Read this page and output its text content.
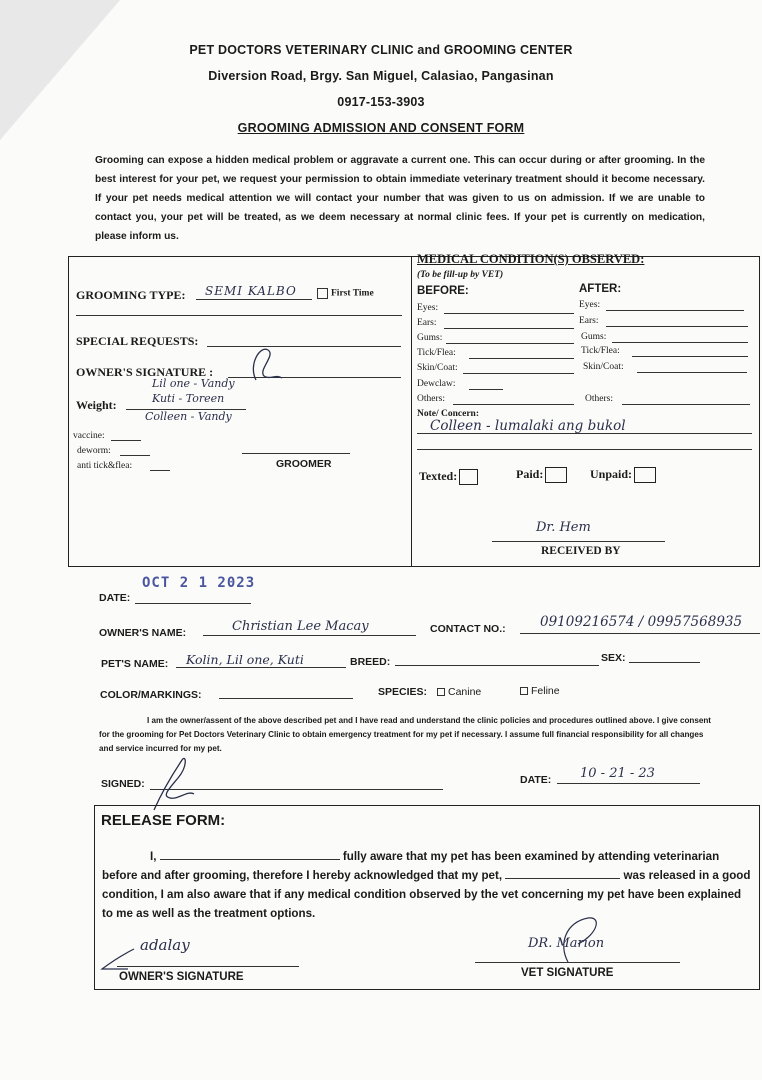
PET DOCTORS VETERINARY CLINIC and GROOMING CENTER
Diversion Road, Brgy. San Miguel, Calasiao, Pangasinan
0917-153-3903
GROOMING ADMISSION AND CONSENT FORM
Grooming can expose a hidden medical problem or aggravate a current one. This can occur during or after grooming. In the best interest for your pet, we request your permission to obtain immediate veterinary treatment should it become necessary. If your pet needs medical attention we will contact your number that was given to us on admission. If we are unable to contact you, your pet will be treated, as we deem necessary at normal clinic fees. If your pet is currently on medication, please inform us.
GROOMING TYPE: SEMI KALBO	First Time
SPECIAL REQUESTS:
OWNER'S SIGNATURE :
Weight:
Lil one - Vandy
Kuti - Toreen
Colleen - Vandy
vaccine:
deworm:
anti tick&flea:	GROOMER
MEDICAL CONDITION(S) OBSERVED:
(To be fill-up by VET)
BEFORE:	AFTER:
Eyes:
Ears:
Gums:
Tick/Flea:
Skin/Coat:
Dewclaw:
Others:
Eyes:
Ears:
Gums:
Tick/Flea:
Skin/Coat:
Others:
Note/ Concern:
Colleen - lumalaki ang bukol
Texted:	Paid:	Unpaid:
Dr. Hem
RECEIVED BY
OCT 2 1 2023
DATE:
OWNER'S NAME:	Christian Lee Macay	CONTACT NO.:	09109216574 / 09957568935
PET'S NAME: Kolin, Lil one, Kuti	BREED:	SEX:
COLOR/MARKINGS:	SPECIES:	Canine	Feline
I am the owner/assent of the above described pet and I have read and understand the clinic policies and procedures outlined above. I give consent for the grooming for Pet Doctors Veterinary Clinic to obtain emergency treatment for my pet if necessary. I assume full financial responsibility for all changes and service incurred for my pet.
SIGNED:	DATE: 10 - 21 - 23
RELEASE FORM:
I,	fully aware that my pet has been examined by attending veterinarian before and after grooming, therefore I hereby acknowledged that my pet,	was released in a good condition, I am also aware that if any medical condition observed by the vet concerning my pet have been explained to me as well as the treatment options.
adalay
OWNER'S SIGNATURE
DR. Marion
VET SIGNATURE
